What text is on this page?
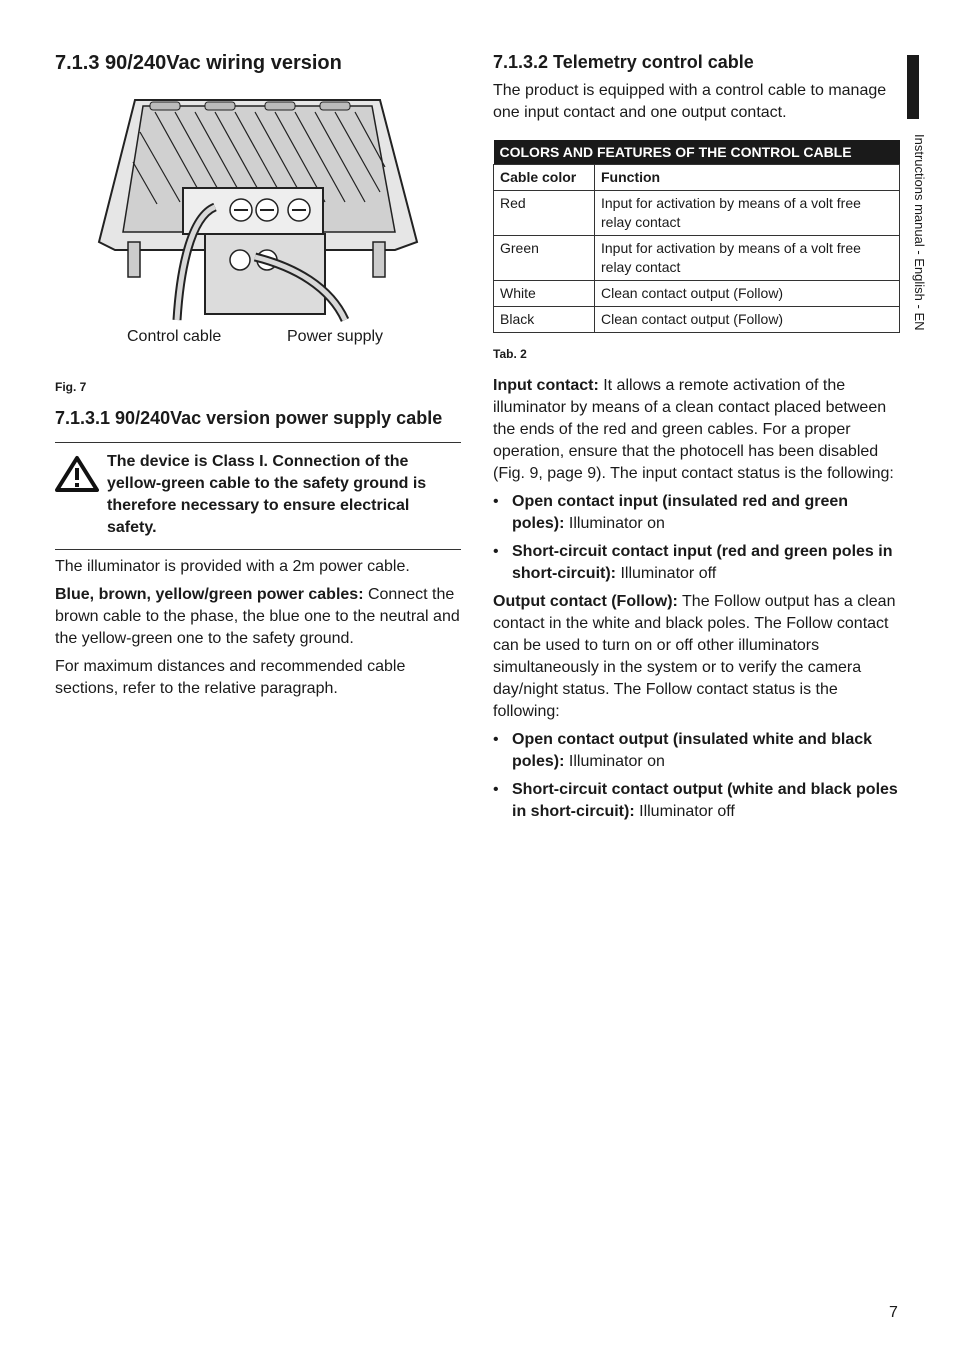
7.1.3 90/240Vac wiring version
Control cable	Power supply
Fig. 7
7.1.3.1 90/240Vac version power supply cable

The device is Class I. Connection of the yellow-green cable to the safety ground is therefore necessary to ensure electrical safety.

The illuminator is provided with a 2m power cable.

Blue, brown, yellow/green power cables: Connect the brown cable to the phase, the blue one to the neutral and the yellow-green one to the safety ground.

For maximum distances and recommended cable sections, refer to the relative paragraph.

7.1.3.2 Telemetry control cable

The product is equipped with a control cable to manage one input contact and one output contact.

COLORS AND FEATURES OF THE CONTROL CABLE	
Cable color	Function
Red	Input for activation by means of a volt free relay contact
Green	Input for activation by means of a volt free relay contact
White	Clean contact output (Follow)
Black	Clean contact output (Follow)
Tab. 2

Input contact: It allows a remote activation of the illuminator by means of a clean contact placed between the ends of the red and green cables. For a proper operation, ensure that the photocell has been disabled (Fig. 9, page 9). The input contact status is the following:

• Open contact input (insulated red and green poles): Illuminator on
• Short-circuit contact input (red and green poles in short-circuit): Illuminator off

Output contact (Follow): The Follow output has a clean contact in the white and black poles. The Follow contact can be used to turn on or off other illuminators simultaneously in the system or to verify the camera day/night status. The Follow contact status is the following:

• Open contact output (insulated white and black poles): Illuminator on
• Short-circuit contact output (white and black poles in short-circuit): Illuminator off
Instructions manual - English - EN
7
